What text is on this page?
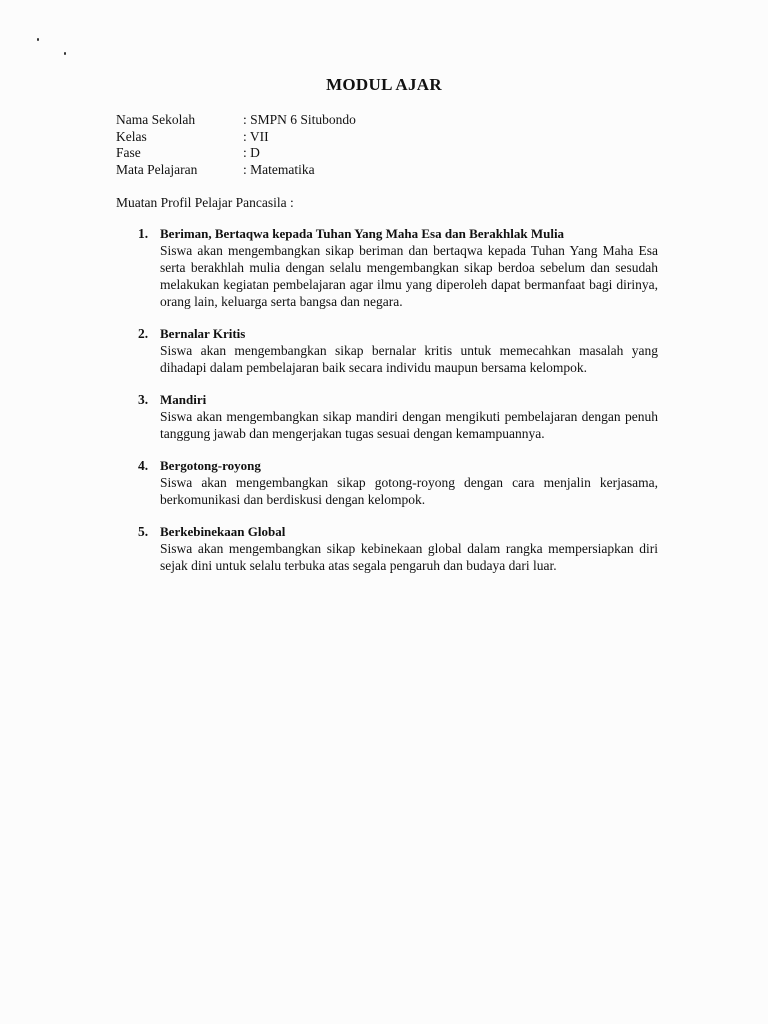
MODUL AJAR
Nama Sekolah	: SMPN 6 Situbondo
Kelas	: VII
Fase	: D
Mata Pelajaran	: Matematika
Muatan Profil Pelajar Pancasila :
1. Beriman, Bertaqwa kepada Tuhan Yang Maha Esa dan Berakhlak Mulia
Siswa akan mengembangkan sikap beriman dan bertaqwa kepada Tuhan Yang Maha Esa serta berakhlah mulia dengan selalu mengembangkan sikap berdoa sebelum dan sesudah melakukan kegiatan pembelajaran agar ilmu yang diperoleh dapat bermanfaat bagi dirinya, orang lain, keluarga serta bangsa dan negara.
2. Bernalar Kritis
Siswa akan mengembangkan sikap bernalar kritis untuk memecahkan masalah yang dihadapi dalam pembelajaran baik secara individu maupun bersama kelompok.
3. Mandiri
Siswa akan mengembangkan sikap mandiri dengan mengikuti pembelajaran dengan penuh tanggung jawab dan mengerjakan tugas sesuai dengan kemampuannya.
4. Bergotong-royong
Siswa akan mengembangkan sikap gotong-royong dengan cara menjalin kerjasama, berkomunikasi dan berdiskusi dengan kelompok.
5. Berkebinekaan Global
Siswa akan mengembangkan sikap kebinekaan global dalam rangka mempersiapkan diri sejak dini untuk selalu terbuka atas segala pengaruh dan budaya dari luar.
